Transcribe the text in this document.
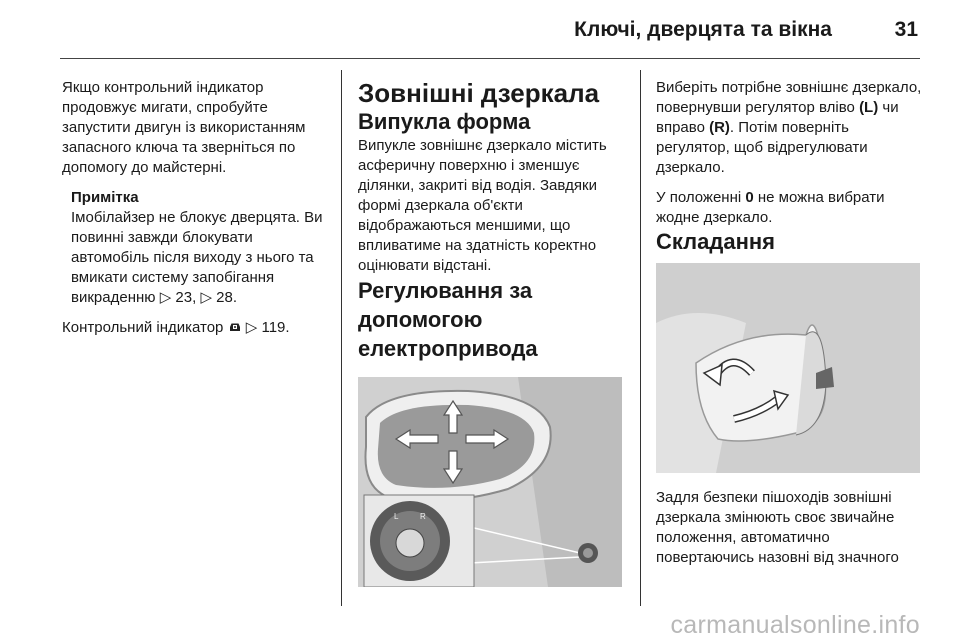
Ключі, дверцята та вікна	31

Якщо контрольний індикатор продовжує мигати, спробуйте запустити двигун із використанням запасного ключа та зверніться по допомогу до майстерні.

Примітка

Імобілайзер не блокує дверцята. Ви повинні завжди блокувати автомобіль після виходу з нього та вмикати систему запобігання викраденню ▷ 23, ▷ 28.

Контрольний індикатор ▷ 119.

Зовнішні дзеркала

Випукла форма

Випукле зовнішнє дзеркало містить асферичну поверхню і зменшує ділянки, закриті від водія. Завдяки формі дзеркала об'єкти відображаються меншими, що впливатиме на здатність коректно оцінювати відстані.

Регулювання за допомогою електропривода

L	R

Виберіть потрібне зовнішнє дзеркало, повернувши регулятор вліво (L) чи вправо (R). Потім поверніть регулятор, щоб відрегулювати дзеркало.

У положенні 0 не можна вибрати жодне дзеркало.

Складання

Задля безпеки пішоходів зовнішні дзеркала змінюють своє звичайне положення, автоматично повертаючись назовні від значного

carmanualsonline.info
